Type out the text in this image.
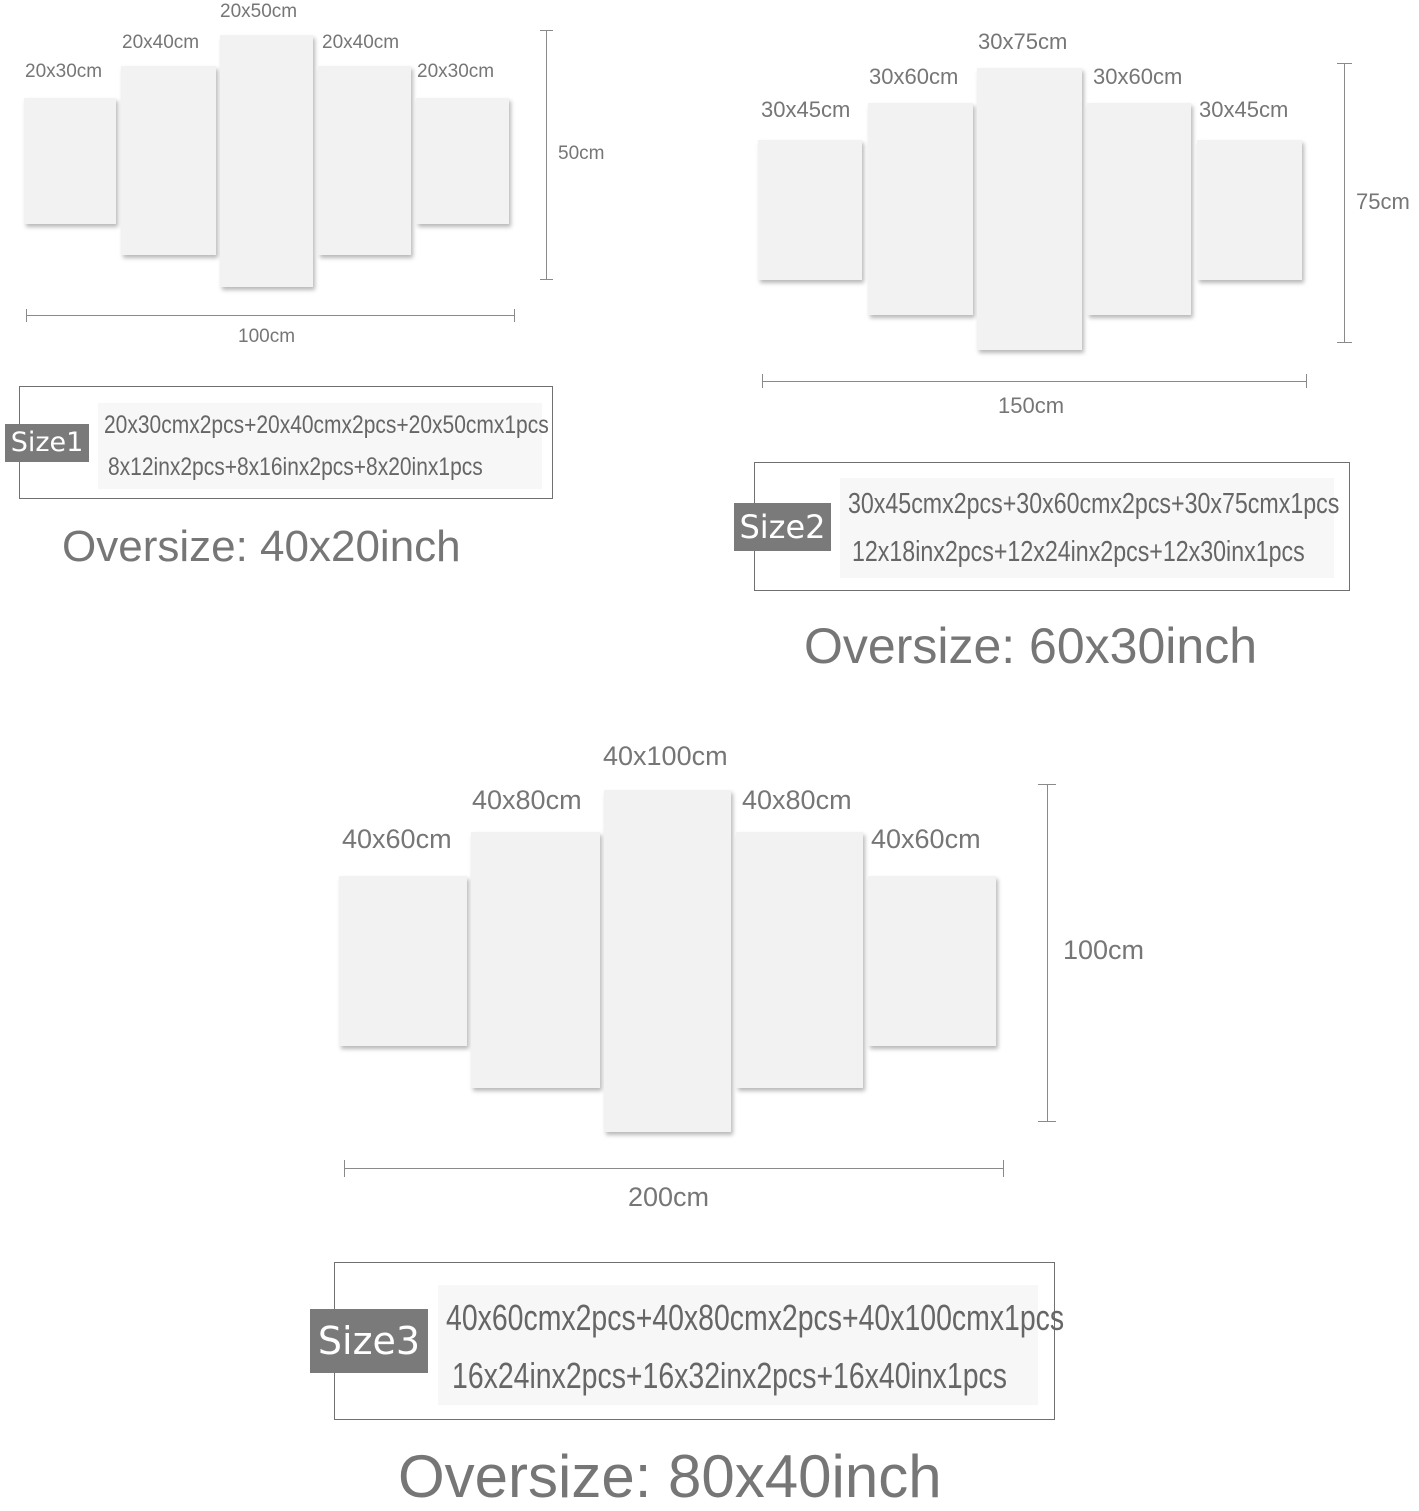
20x30cm
20x40cm
20x50cm
20x40cm
20x30cm
50cm
100cm
Size1
20x30cmx2pcs+20x40cmx2pcs+20x50cmx1pcs
8x12inx2pcs+8x16inx2pcs+8x20inx1pcs
Oversize: 40x20inch
30x45cm
30x60cm
30x75cm
30x60cm
30x45cm
75cm
150cm
Size2
30x45cmx2pcs+30x60cmx2pcs+30x75cmx1pcs
12x18inx2pcs+12x24inx2pcs+12x30inx1pcs
Oversize: 60x30inch
40x60cm
40x80cm
40x100cm
40x80cm
40x60cm
100cm
200cm
Size3
40x60cmx2pcs+40x80cmx2pcs+40x100cmx1pcs
16x24inx2pcs+16x32inx2pcs+16x40inx1pcs
Oversize: 80x40inch
